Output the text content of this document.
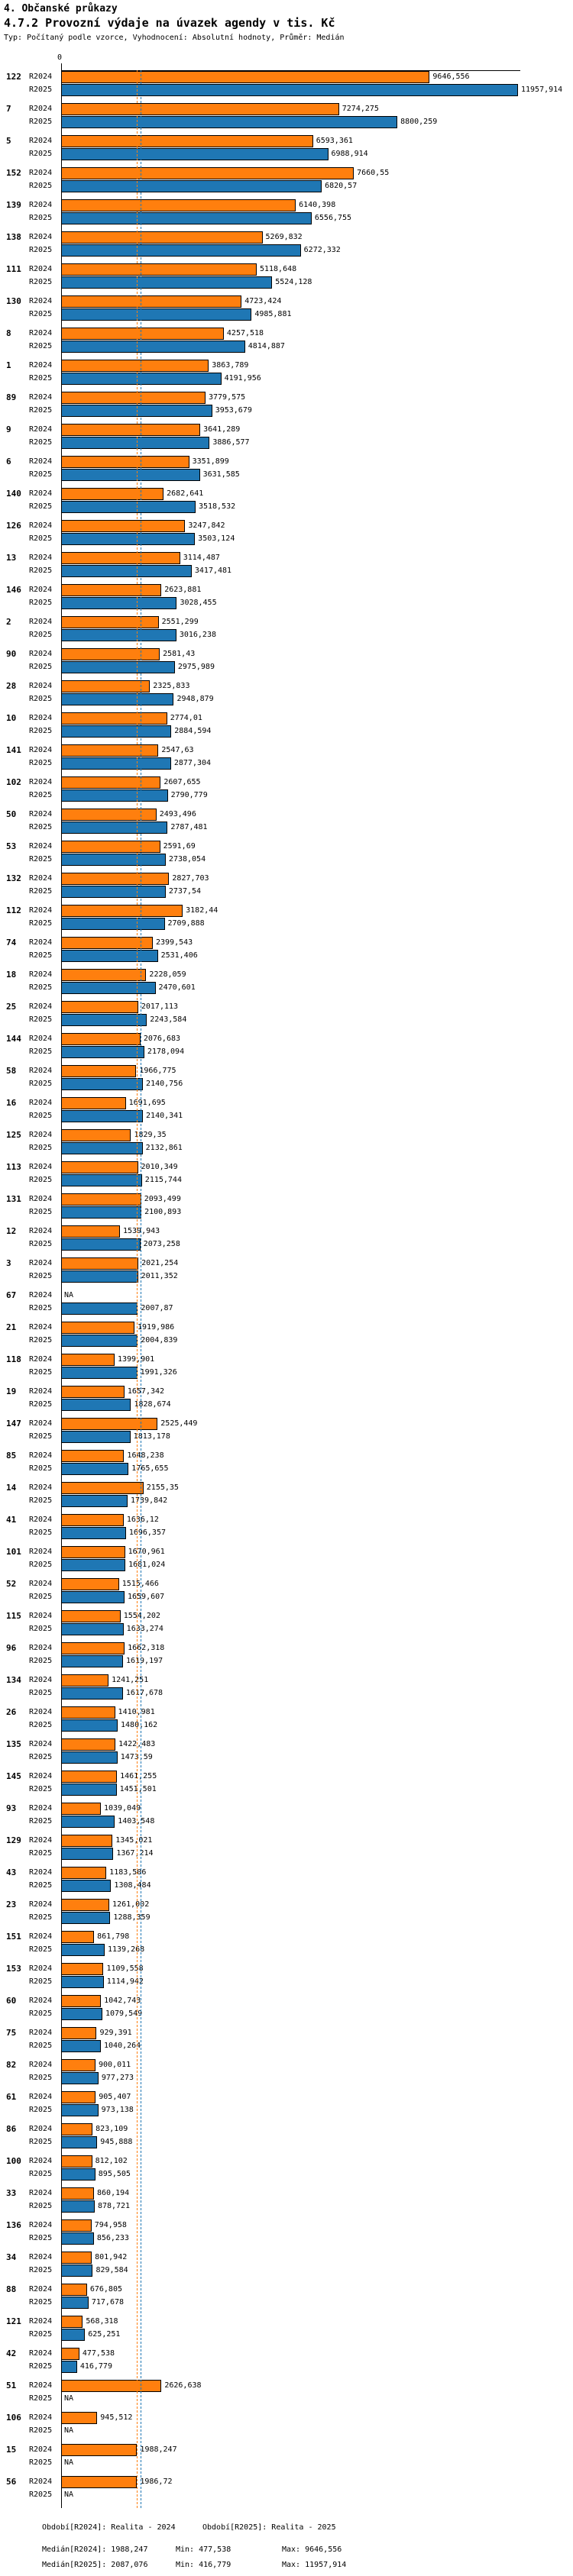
4. Občanské průkazy
4.7.2 Provozní výdaje na úvazek agendy v tis. Kč
Typ: Počítaný podle vzorce, Vyhodnocení: Absolutní hodnoty, Průměr: Medián
0
122	R2024	9646,556
R2025	11957,914
7	R2024	7274,275
R2025	8800,259
5	R2024	6593,361
R2025	6988,914
152	R2024	7660,55
R2025	6820,57
139	R2024	6140,398
R2025	6556,755
138	R2024	5269,832
R2025	6272,332
111	R2024	5118,648
R2025	5524,128
130	R2024	4723,424
R2025	4985,881
8	R2024	4257,518
R2025	4814,887
1	R2024	3863,789
R2025	4191,956
89	R2024	3779,575
R2025	3953,679
9	R2024	3641,289
R2025	3886,577
6	R2024	3351,899
R2025	3631,585
140	R2024	2682,641
R2025	3518,532
126	R2024	3247,842
R2025	3503,124
13	R2024	3114,487
R2025	3417,481
146	R2024	2623,881
R2025	3028,455
2	R2024	2551,299
R2025	3016,238
90	R2024	2581,43
R2025	2975,989
28	R2024	2325,833
R2025	2948,879
10	R2024	2774,01
R2025	2884,594
141	R2024	2547,63
R2025	2877,304
102	R2024	2607,655
R2025	2790,779
50	R2024	2493,496
R2025	2787,481
53	R2024	2591,69
R2025	2738,054
132	R2024	2827,703
R2025	2737,54
112	R2024	3182,44
R2025	2709,888
74	R2024	2399,543
R2025	2531,406
18	R2024	2228,059
R2025	2470,601
25	R2024	2017,113
R2025	2243,584
144	R2024	2076,683
R2025	2178,094
58	R2024	1966,775
R2025	2140,756
16	R2024	1691,695
R2025	2140,341
125	R2024	1829,35
R2025	2132,861
113	R2024	2010,349
R2025	2115,744
131	R2024	2093,499
R2025	2100,893
12	R2024	1539,943
R2025	2073,258
3	R2024	2021,254
R2025	2011,352
67	R2024	NA
R2025	2007,87
21	R2024	1919,986
R2025	2004,839
118	R2024	1399,901
R2025	1991,326
19	R2024	1657,342
R2025	1828,674
147	R2024	2525,449
R2025	1813,178
85	R2024	1648,238
R2025	1765,655
14	R2024	2155,35
R2025	1739,842
41	R2024	1636,12
R2025	1696,357
101	R2024	1670,961
R2025	1681,024
52	R2024	1515,466
R2025	1659,607
115	R2024	1554,202
R2025	1633,274
96	R2024	1662,318
R2025	1619,197
134	R2024	1241,251
R2025	1617,678
26	R2024	1410,981
R2025	1480,162
135	R2024	1422,483
R2025	1473,59
145	R2024	1461,255
R2025	1451,501
93	R2024	1039,049
R2025	1403,548
129	R2024	1345,021
R2025	1367,214
43	R2024	1183,506
R2025	1308,484
23	R2024	1261,002
R2025	1288,359
151	R2024	861,798
R2025	1139,268
153	R2024	1109,558
R2025	1114,942
60	R2024	1042,743
R2025	1079,549
75	R2024	929,391
R2025	1040,264
82	R2024	900,011
R2025	977,273
61	R2024	905,407
R2025	973,138
86	R2024	823,109
R2025	945,888
100	R2024	812,102
R2025	895,505
33	R2024	860,194
R2025	878,721
136	R2024	794,958
R2025	856,233
34	R2024	801,942
R2025	829,584
88	R2024	676,805
R2025	717,678
121	R2024	568,318
R2025	625,251
42	R2024	477,538
R2025	416,779
51	R2024	2626,638
R2025	NA
106	R2024	945,512
R2025	NA
15	R2024	1988,247
R2025	NA
56	R2024	1986,72
R2025	NA
Období[R2024]: Realita - 2024	Období[R2025]: Realita - 2025
Medián[R2024]: 1988,247	Min: 477,538	Max: 9646,556
Medián[R2025]: 2087,076	Min: 416,779	Max: 11957,914
